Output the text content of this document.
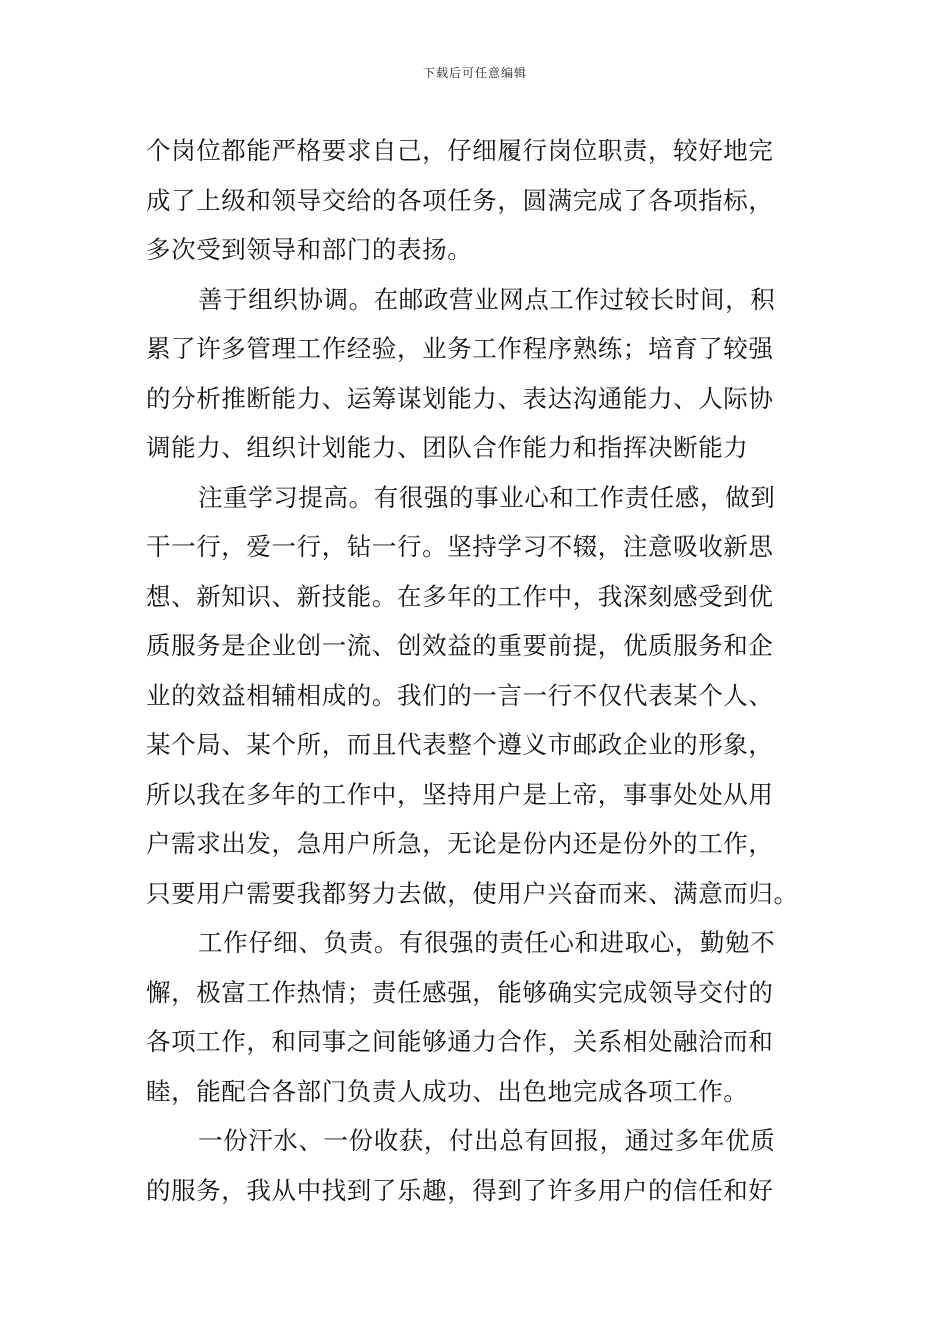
下载后可任意编辑
个岗位都能严格要求自己，仔细履行岗位职责，较好地完
成了上级和领导交给的各项任务，圆满完成了各项指标，
多次受到领导和部门的表扬。
善于组织协调。在邮政营业网点工作过较长时间，积
累了许多管理工作经验，业务工作程序熟练；培育了较强
的分析推断能力、运筹谋划能力、表达沟通能力、人际协
调能力、组织计划能力、团队合作能力和指挥决断能力
注重学习提高。有很强的事业心和工作责任感，做到
干一行，爱一行，钻一行。坚持学习不辍，注意吸收新思
想、新知识、新技能。在多年的工作中，我深刻感受到优
质服务是企业创一流、创效益的重要前提，优质服务和企
业的效益相辅相成的。我们的一言一行不仅代表某个人、
某个局、某个所，而且代表整个遵义市邮政企业的形象，
所以我在多年的工作中，坚持用户是上帝，事事处处从用
户需求出发，急用户所急，无论是份内还是份外的工作，
只要用户需要我都努力去做，使用户兴奋而来、满意而归。
工作仔细、负责。有很强的责任心和进取心，勤勉不
懈，极富工作热情；责任感强，能够确实完成领导交付的
各项工作，和同事之间能够通力合作，关系相处融洽而和
睦，能配合各部门负责人成功、出色地完成各项工作。
一份汗水、一份收获，付出总有回报，通过多年优质
的服务，我从中找到了乐趣，得到了许多用户的信任和好
